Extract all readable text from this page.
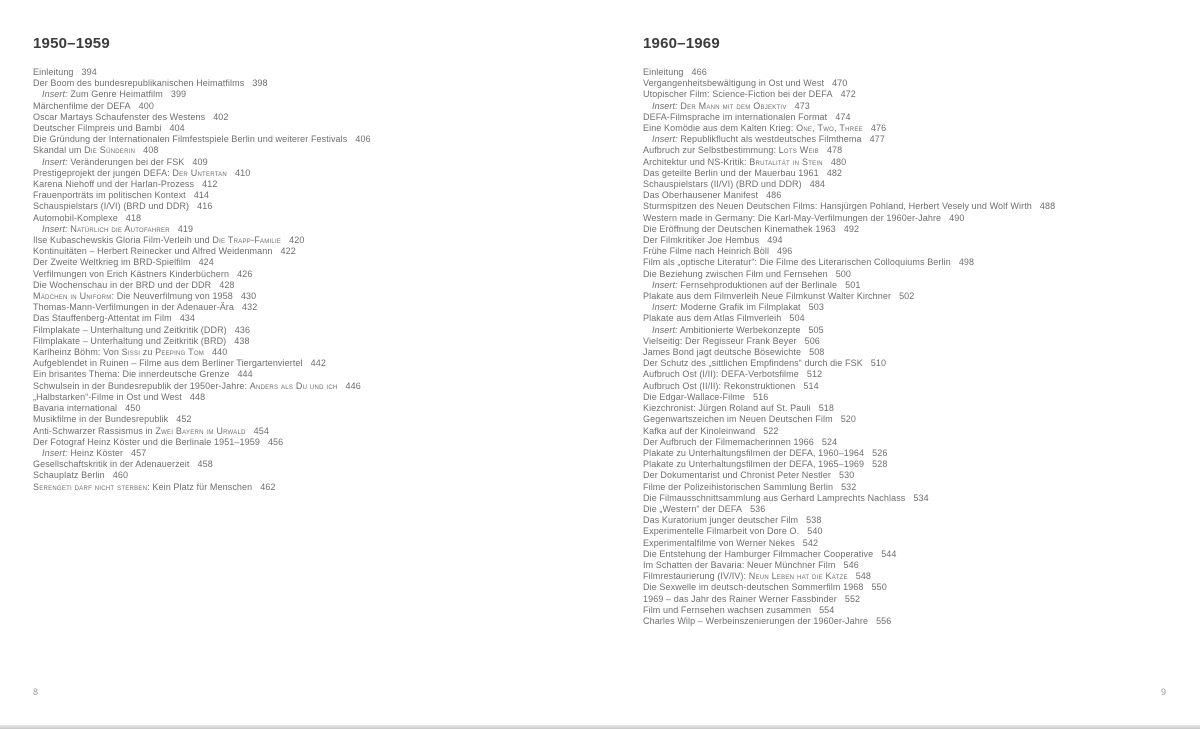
1950–1959
Einleitung 394
Der Boom des bundesrepublikanischen Heimatfilms 398
Insert: Zum Genre Heimatfilm 399
Märchenfilme der DEFA 400
Oscar Martays Schaufenster des Westens 402
Deutscher Filmpreis und Bambi 404
Die Gründung der Internationalen Filmfestspiele Berlin und weiterer Festivals 406
Skandal um Die Sünderin 408
Insert: Veränderungen bei der FSK 409
Prestigeprojekt der jungen DEFA: Der Untertan 410
Karena Niehoff und der Harlan-Prozess 412
Frauenporträts im politischen Kontext 414
Schauspielstars (I/VI) (BRD und DDR) 416
Automobil-Komplexe 418
Insert: Natürlich die Autofahrer 419
Ilse Kubaschewskis Gloria Film-Verleih und Die Trapp-Familie 420
Kontinuitäten – Herbert Reinecker und Alfred Weidenmann 422
Der Zweite Weltkrieg im BRD-Spielfilm 424
Verfilmungen von Erich Kästners Kinderbüchern 426
Die Wochenschau in der BRD und der DDR 428
Mädchen in Uniform: Die Neuverfilmung von 1958 430
Thomas-Mann-Verfilmungen in der Adenauer-Ära 432
Das Stauffenberg-Attentat im Film 434
Filmplakate – Unterhaltung und Zeitkritik (DDR) 436
Filmplakate – Unterhaltung und Zeitkritik (BRD) 438
Karlheinz Böhm: Von Sissi zu Peeping Tom 440
Aufgeblendet in Ruinen – Filme aus dem Berliner Tiergartenviertel 442
Ein brisantes Thema: Die innerdeutsche Grenze 444
Schwulsein in der Bundesrepublik der 1950er-Jahre: Anders als Du und ich 446
„Halbstarken“-Filme in Ost und West 448
Bavaria international 450
Musikfilme in der Bundesrepublik 452
Anti-Schwarzer Rassismus in Zwei Bayern im Urwald 454
Der Fotograf Heinz Köster und die Berlinale 1951–1959 456
Insert: Heinz Köster 457
Gesellschaftskritik in der Adenauerzeit 458
Schauplatz Berlin 460
Serengeti darf nicht sterben: Kein Platz für Menschen 462
1960–1969
Einleitung 466
Vergangenheitsbewältigung in Ost und West 470
Utopischer Film: Science-Fiction bei der DEFA 472
Insert: Der Mann mit dem Objektiv 473
DEFA-Filmsprache im internationalen Format 474
Eine Komödie aus dem Kalten Krieg: One, Two, Three 476
Insert: Republikflucht als westdeutsches Filmthema 477
Aufbruch zur Selbstbestimmung: Lots Weib 478
Architektur und NS-Kritik: Brutalität in Stein 480
Das geteilte Berlin und der Mauerbau 1961 482
Schauspielstars (II/VI) (BRD und DDR) 484
Das Oberhausener Manifest 486
Sturmspitzen des Neuen Deutschen Films: Hansjürgen Pohland, Herbert Vesely und Wolf Wirth 488
Western made in Germany: Die Karl-May-Verfilmungen der 1960er-Jahre 490
Die Eröffnung der Deutschen Kinemathek 1963 492
Der Filmkritiker Joe Hembus 494
Frühe Filme nach Heinrich Böll 496
Film als „optische Literatur“: Die Filme des Literarischen Colloquiums Berlin 498
Die Beziehung zwischen Film und Fernsehen 500
Insert: Fernsehproduktionen auf der Berlinale 501
Plakate aus dem Filmverleih Neue Filmkunst Walter Kirchner 502
Insert: Moderne Grafik im Filmplakat 503
Plakate aus dem Atlas Filmverleih 504
Insert: Ambitionierte Werbekonzepte 505
Vielseitig: Der Regisseur Frank Beyer 506
James Bond jagt deutsche Bösewichte 508
Der Schutz des „sittlichen Empfindens“ durch die FSK 510
Aufbruch Ost (I/II): DEFA-Verbotsfilme 512
Aufbruch Ost (II/II): Rekonstruktionen 514
Die Edgar-Wallace-Filme 516
Kiezchronist: Jürgen Roland auf St. Pauli 518
Gegenwartszeichen im Neuen Deutschen Film 520
Kafka auf der Kinoleinwand 522
Der Aufbruch der Filmemacherinnen 1966 524
Plakate zu Unterhaltungsfilmen der DEFA, 1960–1964 526
Plakate zu Unterhaltungsfilmen der DEFA, 1965–1969 528
Der Dokumentarist und Chronist Peter Nestler 530
Filme der Polizeihistorischen Sammlung Berlin 532
Die Filmausschnittsammlung aus Gerhard Lamprechts Nachlass 534
Die „Western“ der DEFA 536
Das Kuratorium junger deutscher Film 538
Experimentelle Filmarbeit von Dore O. 540
Experimentalfilme von Werner Nekes 542
Die Entstehung der Hamburger Filmmacher Cooperative 544
Im Schatten der Bavaria: Neuer Münchner Film 546
Filmrestaurierung (IV/IV): Neun Leben hat die Katze 548
Die Sexwelle im deutsch-deutschen Sommerfilm 1968 550
1969 – das Jahr des Rainer Werner Fassbinder 552
Film und Fernsehen wachsen zusammen 554
Charles Wilp – Werbeinszenierungen der 1960er-Jahre 556
8	9
